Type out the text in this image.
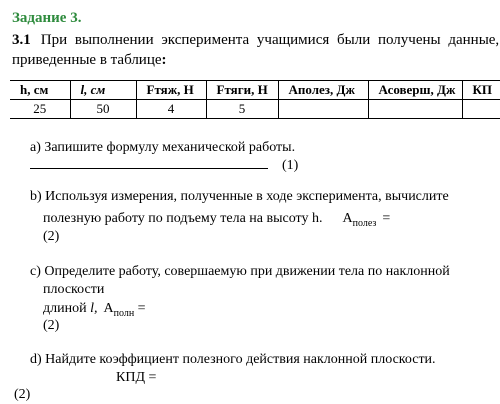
Задание 3.
3.1 При выполнении эксперимента учащимися были получены данные,
приведенные в таблице:
h, см	l, см	Fтяж, Н	Fтяги, Н	Аполез, Дж	Асоверш, Дж	КП
25	50	4	5			
а) Запишите формулу механической работы.
(1)
b) Используя измерения, полученные в ходе эксперимента, вычислите
полезную работу по подъему тела на высоту h. $А_{полез}$ =
(2)
c) Определите работу, совершаемую при движении тела по наклонной
плоскости
длиной l, $А_{полн}$ =
(2)
d) Найдите коэффициент полезного действия наклонной плоскости.
КПД =
(2)
